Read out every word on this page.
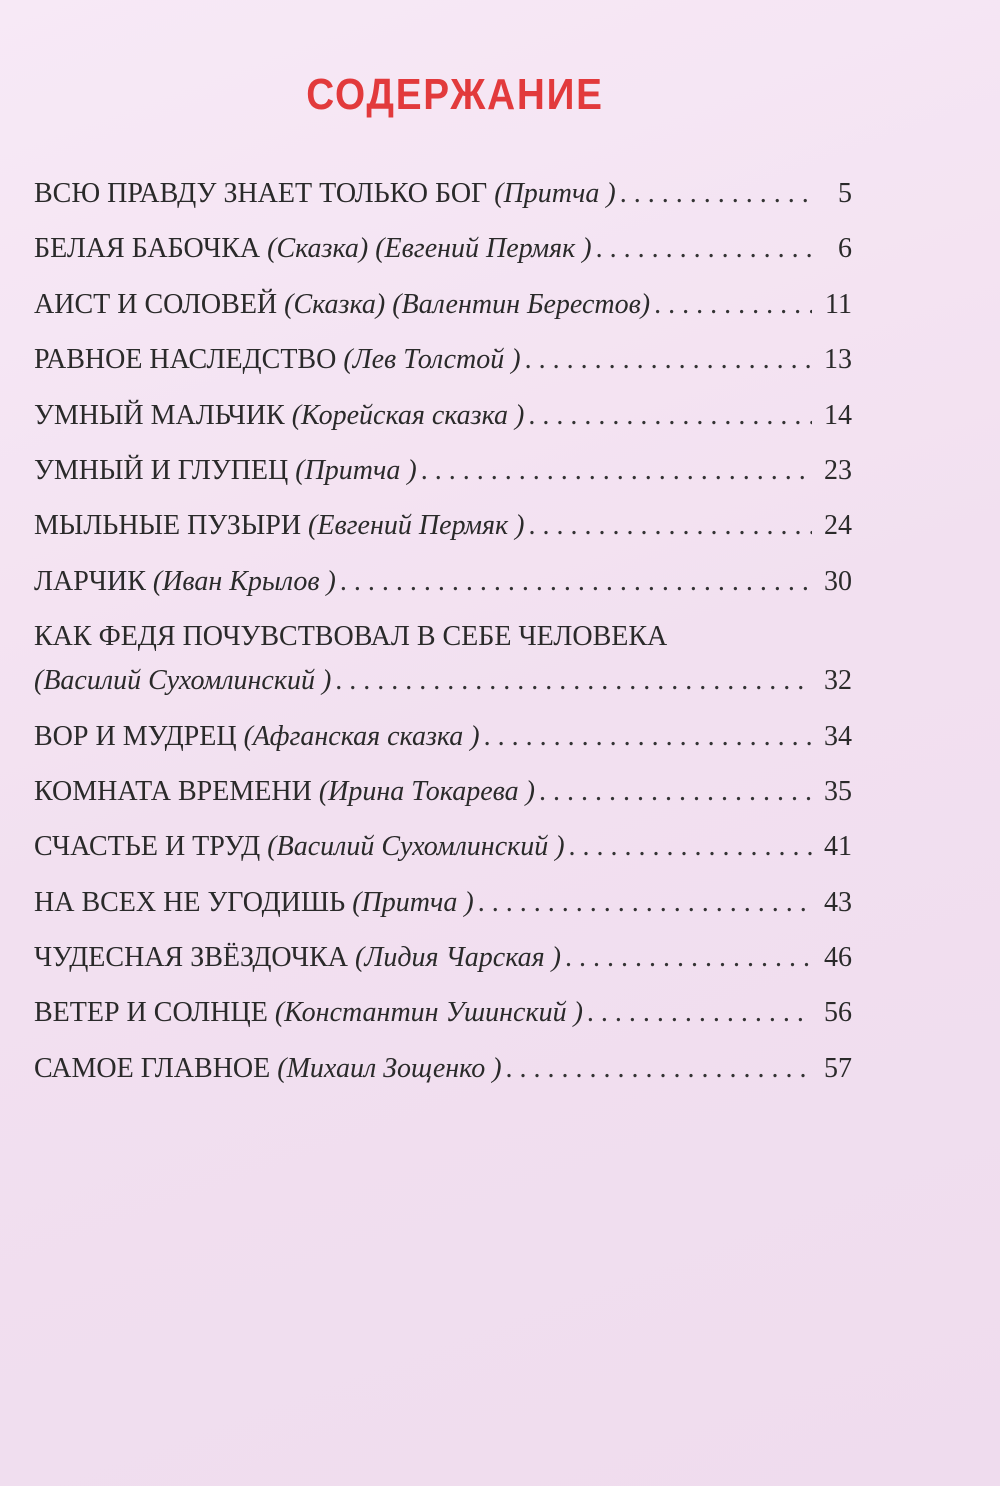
СОДЕРЖАНИЕ
ВСЮ ПРАВДУ ЗНАЕТ ТОЛЬКО БОГ
(Притча ) . . .	5
БЕЛАЯ БАБОЧКА
(Сказка) (Евгений Пермяк ) . . .	6
АИСТ И СОЛОВЕЙ
(Сказка) (Валентин Берестов) . . .	11
РАВНОЕ НАСЛЕДСТВО
(Лев Толстой ) . . .	13
УМНЫЙ МАЛЬЧИК
(Корейская сказка ) . . .	14
УМНЫЙ И ГЛУПЕЦ
(Притча ) . . .	23
МЫЛЬНЫЕ ПУЗЫРИ
(Евгений Пермяк ) . . .	24
ЛАРЧИК
(Иван Крылов ) . . .	30
КАК ФЕДЯ ПОЧУВСТВОВАЛ В СЕБЕ ЧЕЛОВЕКА
(Василий Сухомлинский ) . . .	32
ВОР И МУДРЕЦ
(Афганская сказка ) . . .	34
КОМНАТА ВРЕМЕНИ
(Ирина Токарева ) . . .	35
СЧАСТЬЕ И ТРУД
(Василий Сухомлинский ) . . .	41
НА ВСЕХ НЕ УГОДИШЬ
(Притча ) . . .	43
ЧУДЕСНАЯ ЗВЁЗДОЧКА
(Лидия Чарская ) . . .	46
ВЕТЕР И СОЛНЦЕ
(Константин Ушинский ) . . .	56
САМОЕ ГЛАВНОЕ
(Михаил Зощенко ) . . .	57
